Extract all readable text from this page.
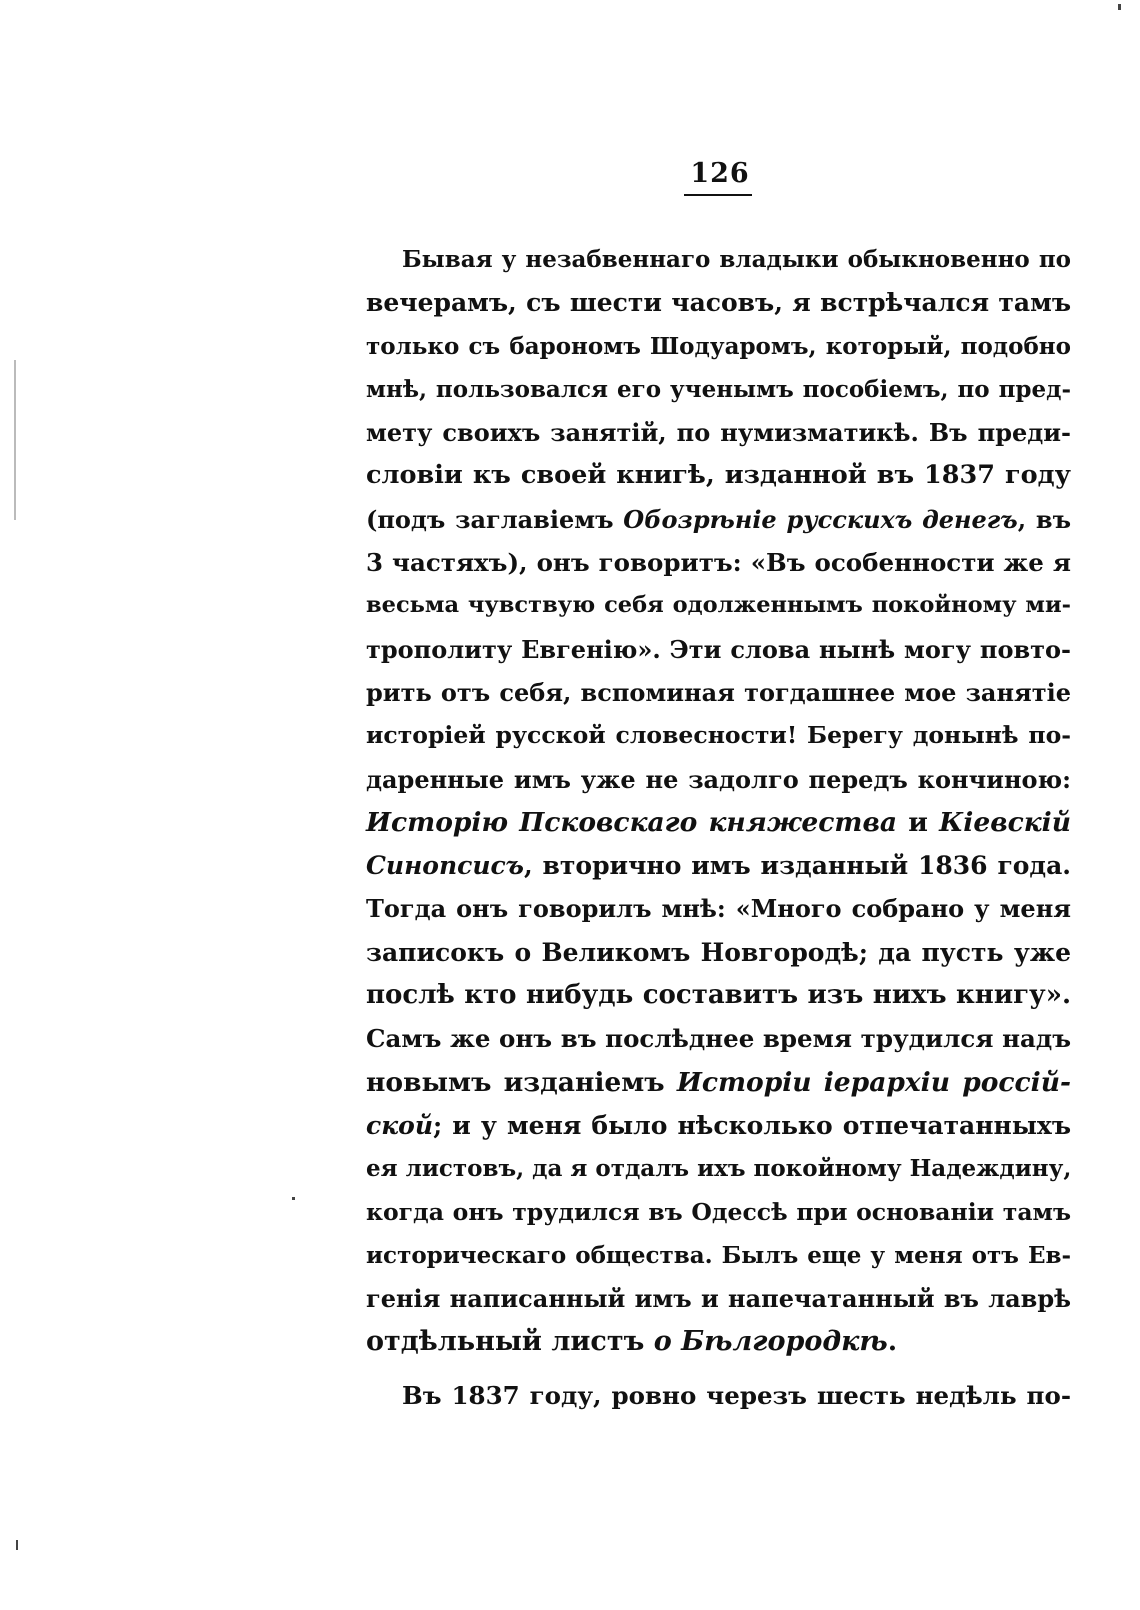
126
Бывая у незабвеннаго владыки обыкновенно по
вечерамъ, съ шести часовъ, я встрѣчался тамъ
только съ барономъ Шодуаромъ, который, подобно
мнѣ, пользовался его ученымъ пособіемъ, по пред-
мету своихъ занятій, по нумизматикѣ. Въ преди-
словіи къ своей книгѣ, изданной въ 1837 году
(подъ заглавіемъ Обозрѣніе русскихъ денегъ, въ
3 частяхъ), онъ говоритъ: «Въ особенности же я
весьма чувствую себя одолженнымъ покойному ми-
трополиту Евгенію». Эти слова нынѣ могу повто-
рить отъ себя, вспоминая тогдашнее мое занятіе
исторіей русской словесности! Берегу донынѣ по-
даренные имъ уже не задолго передъ кончиною:
Исторію Псковскаго княжества и Кіевскій
Синопсисъ, вторично имъ изданный 1836 года.
Тогда онъ говорилъ мнѣ: «Много собрано у меня
записокъ о Великомъ Новгородѣ; да пусть уже
послѣ кто нибудь составитъ изъ нихъ книгу».
Самъ же онъ въ послѣднее время трудился надъ
новымъ изданіемъ Исторіи іерархіи россій-
ской; и у меня было нѣсколько отпечатанныхъ
ея листовъ, да я отдалъ ихъ покойному Надеждину,
когда онъ трудился въ Одессѣ при основаніи тамъ
историческаго общества. Былъ еще у меня отъ Ев-
генія написанный имъ и напечатанный въ лаврѣ
отдѣльный листъ о Бѣлгородкѣ.
Въ 1837 году, ровно черезъ шесть недѣль по-
